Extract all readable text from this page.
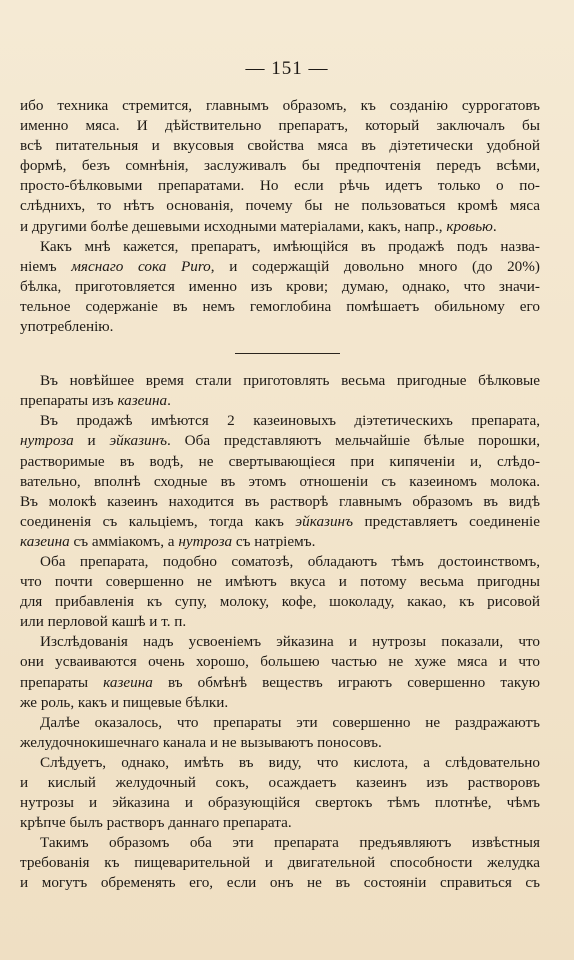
— 151 —
ибо техника стремится, главнымъ образомъ, къ созданію суррогатовъ
именно мяса. И дѣйствительно препаратъ, который заключалъ бы
всѣ питательныя и вкусовыя свойства мяса въ діэтетически удобной
формѣ, безъ сомнѣнія, заслуживалъ бы предпочтенія передъ всѣми,
просто-бѣлковыми препаратами. Но если рѣчь идетъ только о по-
слѣднихъ, то нѣтъ основанія, почему бы не пользоваться кромѣ мяса
и другими болѣе дешевыми исходными матеріалами, какъ, напр., кровью.
Какъ мнѣ кажется, препаратъ, имѣющійся въ продажѣ подъ назва-
ніемъ мяснаго сока Puro, и содержащій довольно много (до 20%)
бѣлка, приготовляется именно изъ крови; думаю, однако, что значи-
тельное содержаніе въ немъ гемоглобина помѣшаетъ обильному его
употребленію.
Въ новѣйшее время стали приготовлять весьма пригодные бѣлковые
препараты изъ казеина.
Въ продажѣ имѣются 2 казеиновыхъ діэтетическихъ препарата,
нутроза и эйказинъ. Оба представляютъ мельчайшіе бѣлые порошки,
растворимые въ водѣ, не свертывающіеся при кипяченіи и, слѣдо-
вательно, вполнѣ сходные въ этомъ отношеніи съ казеиномъ молока.
Въ молокѣ казеинъ находится въ растворѣ главнымъ образомъ въ видѣ
соединенія съ кальціемъ, тогда какъ эйказинъ представляетъ соединеніе
казеина съ аммiакомъ, а нутроза съ натріемъ.
Оба препарата, подобно соматозѣ, обладаютъ тѣмъ достоинствомъ,
что почти совершенно не имѣютъ вкуса и потому весьма пригодны
для прибавленія къ супу, молоку, кофе, шоколаду, какао, къ рисовой
или перловой кашѣ и т. п.
Изслѣдованія надъ усвоеніемъ эйказина и нутрозы показали, что
они усваиваются очень хорошо, большею частью не хуже мяса и что
препараты казеина въ обмѣнѣ веществъ играютъ совершенно такую
же роль, какъ и пищевые бѣлки.
Далѣе оказалось, что препараты эти совершенно не раздражаютъ
желудочнокишечнаго канала и не вызываютъ поносовъ.
Слѣдуетъ, однако, имѣть въ виду, что кислота, а слѣдовательно
и кислый желудочный сокъ, осаждаетъ казеинъ изъ растворовъ
нутрозы и эйказина и образующійся свертокъ тѣмъ плотнѣе, чѣмъ
крѣпче былъ растворъ даннаго препарата.
Такимъ образомъ оба эти препарата предъявляютъ извѣстныя
требованія къ пищеварительной и двигательной способности желудка
и могутъ обременять его, если онъ не въ состояніи справиться съ
